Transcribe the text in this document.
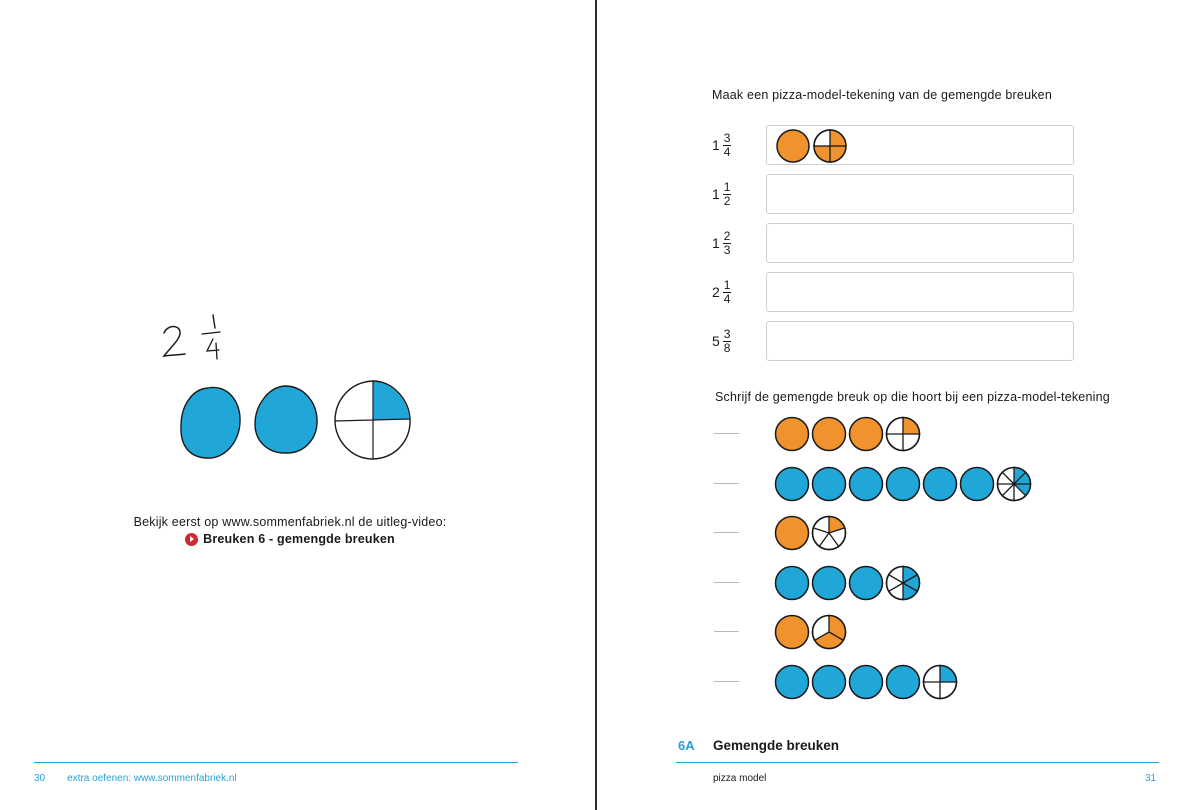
Bekijk eerst op www.sommenfabriek.nl de uitleg-video:
Breuken 6 - gemengde breuken
30 extra oefenen: www.sommenfabriek.nl
Maak een pizza-model-tekening van de gemengde breuken
$1 \frac{3}{4}$
$1 \frac{1}{2}$
$1 \frac{2}{3}$
$2 \frac{1}{4}$
$5 \frac{3}{8}$
Schrijf de gemengde breuk op die hoort bij een pizza-model-tekening
6A Gemengde breuken
pizza model	31
